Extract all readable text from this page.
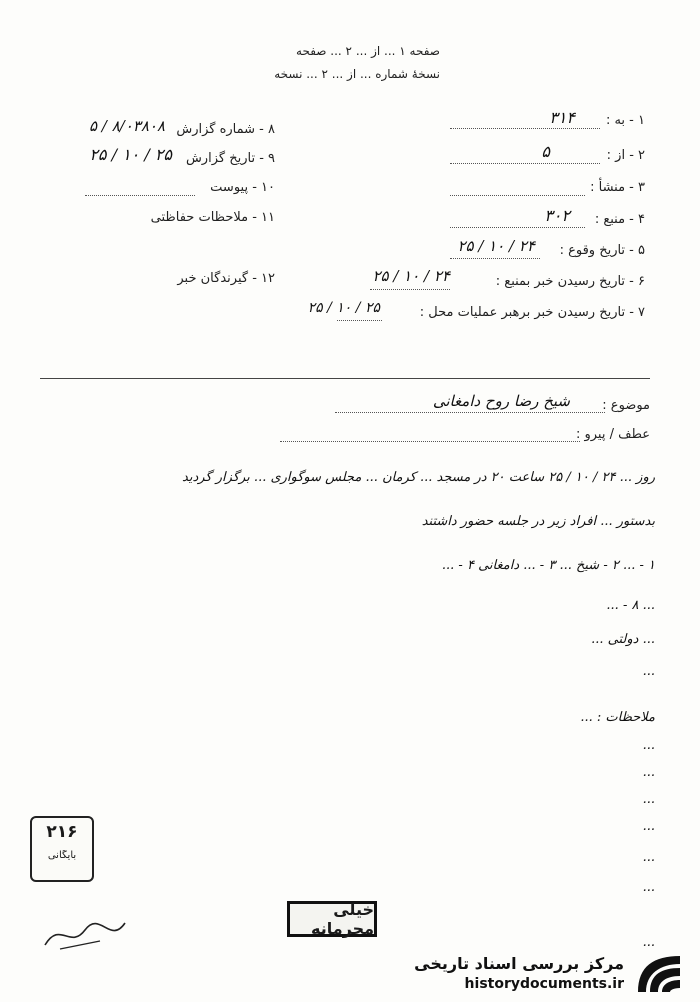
صفحه ۱ ... از ... ۲ ... صفحه
نسخهٔ شماره ... از ... ۲ ... نسخه
۱ - به :
۳۱۴
۲ - از :
۵
۳ - منشأ :
۴ - منبع :
۳۰۲
۵ - تاریخ وقوع :
۲۴ / ۱۰ / ۲۵
۶ - تاریخ رسیدن خبر بمنبع :
۲۴ / ۱۰ / ۲۵
۷ - تاریخ رسیدن خبر برهبر عملیات محل :
۲۵ / ۱۰ / ۲۵
۸ - شماره گزارش
۸/۰۳۸۰۸ / ۵
۹ - تاریخ گزارش
۲۵ / ۱۰ / ۲۵
۱۰ - پیوست
۱۱ - ملاحظات حفاظتی
۱۲ - گیرندگان خبر
موضوع :
شیخ رضا روح دامغانی
عطف / پیرو :
روز ... ۲۴ / ۱۰ / ۲۵ ساعت ۲۰ در مسجد ... کرمان ... مجلس سوگواری ... برگزار گردید
بدستور ... افراد زیر در جلسه حضور داشتند
۱ - ... ۲ - شیخ ... ۳ - ... دامغانی ۴ - ...
... ۸ - ...
... دولتی ...
...
ملاحظات : ...
...
...
...
...
...
...
...
۲۱۶
بایگانی
خیلی محرمانه
مرکز بررسی اسناد تاریخی
historydocuments.ir
